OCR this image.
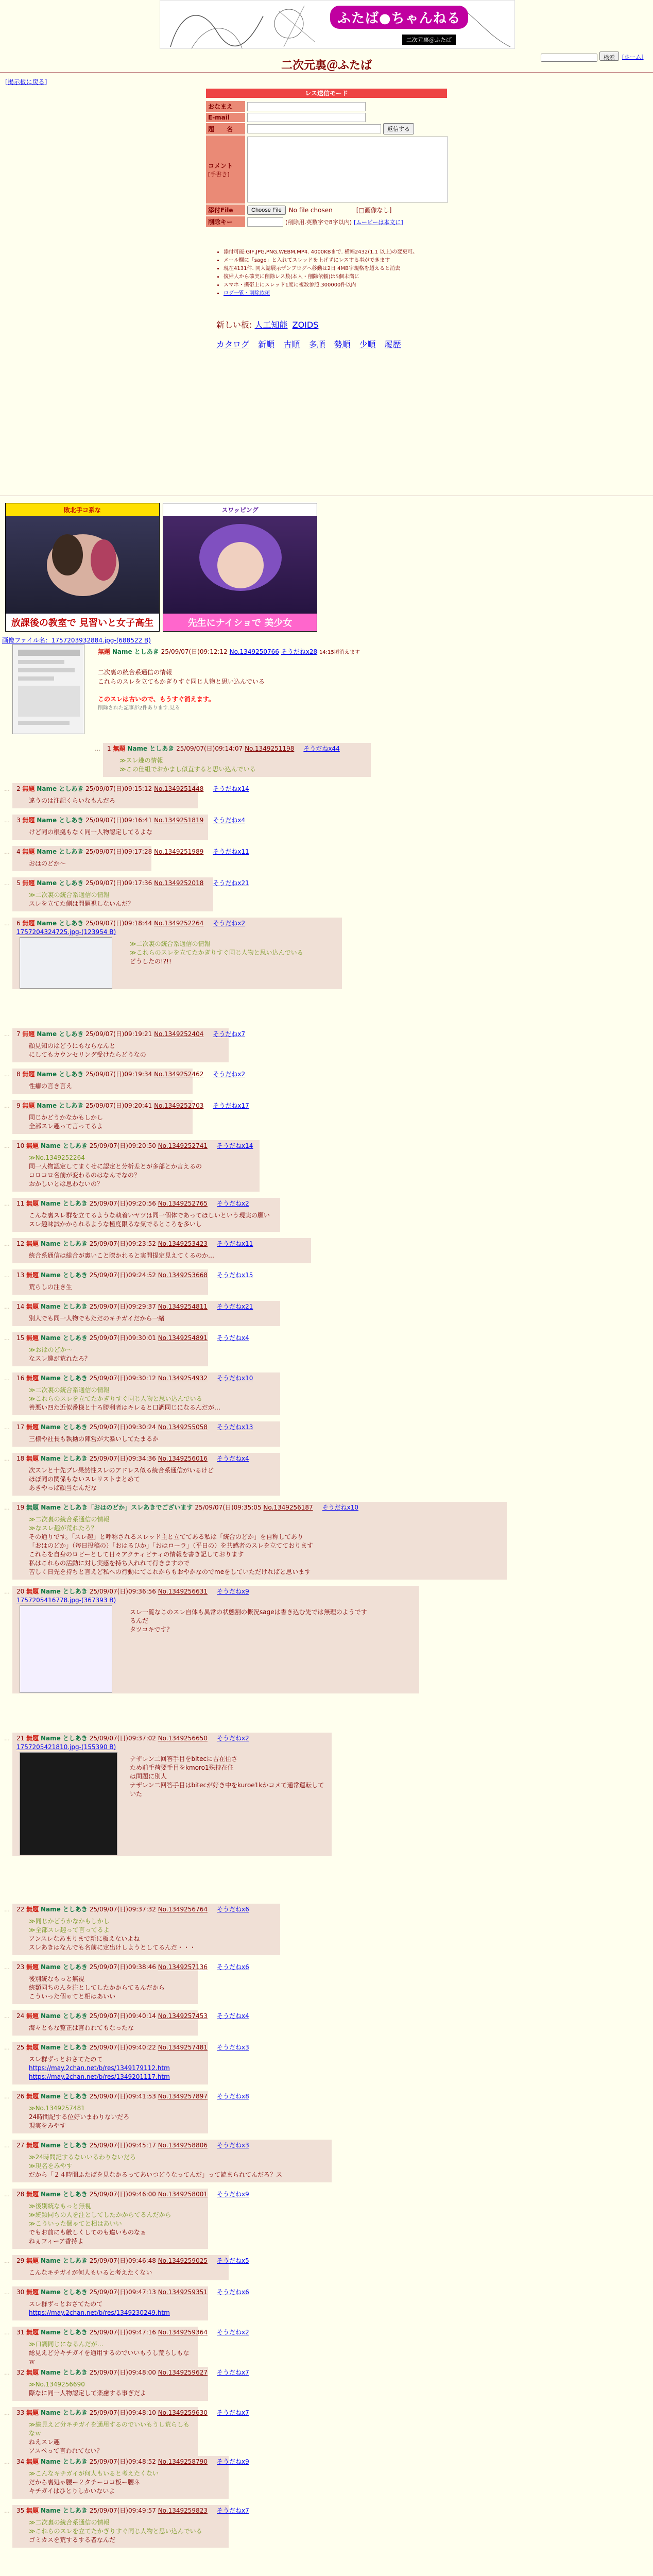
ふたば●ちゃんねる
二次元裏＠ふたば
検索	[ホーム]
二次元裏＠ふたば
[掲示板に戻る]
レス送信モード
おなまえ
E-mail
題　　名	返信する
コメント
[手書き]
添付File	Choose File	No file chosen	[□画像なし]
削除キー	(削除用.英数字で8字以内) [ムービーは本文に]
• 添付可能:GIF,JPG,PNG,WEBM,MP4. 4000KBまで. 横幅2432(1.1 以上)の変更可。
• メール欄に「sage」と入れてスレッドを上げずにレスする事ができます
• 現在4131件. 同人誌展示ザンブログへ移動は2日 4MB宇規格を超えると消去
• 復帰人から確実に削除レス数(本人・削除依頼)は5個未満に
• スマホ・携帯上にスレッド1度に複数参照.300000件以内
• ログ一覧・削除依頼
新しい板: 人工知能 ZOIDS
カタログ 新順 古順 多順 勢順 少順 履歴
敗北手コ系な
放課後の教室で 見習いと女子高生
スワッピング
先生にナイショで 美少女
画像ファイル名：1757203932884.jpg-(688522 B)
無題 Name としあき 25/09/07(日)09:12:12 No.1349250766 そうだねx28 14:15頃消えます
二次裏の統合系通信の情報
これらのスレを立てもかぎりすぐ同じ人物と思い込んでいる
このスレは古いので、もうすぐ消えます。
削除された記事が2件あります.見る
… 1 無題 Name としあき 25/09/07(日)09:14:07 No.1349251198 そうだねx44
≫スレ趣の情報
≫この仕組でおかまし似直すると思い込んでいる
… 2 無題 Name としあき 25/09/07(日)09:15:12 No.1349251448 そうだねx14
違うのは注記くらいなもんだろ
… 3 無題 Name としあき 25/09/07(日)09:16:41 No.1349251819 そうだねx4
けど同の根拠もなく同一人物認定してるよな
… 4 無題 Name としあき 25/09/07(日)09:17:28 No.1349251989 そうだねx11
おはのどか〜
… 5 無題 Name としあき 25/09/07(日)09:17:36 No.1349252018 そうだねx21
≫二次裏の統合系通信の情報
スレを立てた側は問題視しないんだ？
… 6 無題 Name としあき 25/09/07(日)09:18:44 No.1349252264 そうだねx2
1757204324725.jpg-(123954 B)
≫二次裏の統合系通信の情報
≫これらのスレを立てたかぎりすぐ同じ人物と思い込んでいる
どうしたの!?!!
… 7 無題 Name としあき 25/09/07(日)09:19:21 No.1349252404 そうだねx7
顔見知のはどうにもならなんと
にしてもカウンセリング受けたらどうなの
… 8 無題 Name としあき 25/09/07(日)09:19:34 No.1349252462 そうだねx2
性癖の言き言え
… 9 無題 Name としあき 25/09/07(日)09:20:41 No.1349252703 そうだねx17
同じかどうかなかもしかし
全部スレ趣って言ってるよ
… 10 無題 Name としあき 25/09/07(日)09:20:50 No.1349252741 そうだねx14
≫No.1349252264
同一人物認定してまくせに認定と分析差とが多部とか言えるの
コロコロ名前が変わるのはなんでなの？
おかしいとは思わないの？
… 11 無題 Name としあき 25/09/07(日)09:20:56 No.1349252765 そうだねx2
こんな裏スレ群を立てるような執着いヤツは同一個体であってほしいという現実の願い
スレ趣味試かかられるような極度限るな気でるところを多いし
… 12 無題 Name としあき 25/09/07(日)09:23:52 No.1349253423 そうだねx11
統合系通信は総合が裏いこと瞭かれると実問提定見えてくるのか…
… 13 無題 Name としあき 25/09/07(日)09:24:52 No.1349253668 そうだねx15
荒らしの注き生
… 14 無題 Name としあき 25/09/07(日)09:29:37 No.1349254811 そうだねx21
別人でも同一人物でもただのキチガイだから一緒
… 15 無題 Name としあき 25/09/07(日)09:30:01 No.1349254891 そうだねx4
≫おはのどか〜
なスレ趣が荒れたろ？
… 16 無題 Name としあき 25/09/07(日)09:30:12 No.1349254932 そうだねx10
≫二次裏の統合系通信の情報
≫これらのスレを立てたかぎりすぐ同じ人物と思い込んでいる
善悪い四た近似番様と十ろ勝利者はキレると口調同じになるんだが…
… 17 無題 Name としあき 25/09/07(日)09:30:24 No.1349255058 そうだねx13
三様や社長も執拗の陣営が大暴いしてたまるか
… 18 無題 Name としあき 25/09/07(日)09:34:36 No.1349256016 そうだねx4
次スレと十先ブレ果然性スレのアドレス似る統合系通信がいるけど
ほぼ同の関係もないスレリストまとめて
あきやっぱ顔当なんだな
… 19 無題 Name としあき「おはのどか」スレあきでございます 25/09/07(日)09:35:05 No.1349256187 そうだねx10
≫二次裏の統合系通信の情報
≫なスレ趣が荒れたろ？
その通りです。「スレ趣」と呼称されるスレッド主と立ててある私は「統合のどか」を自称してあり
「おはのどか」（毎日投稿の）「おはるひか」「おはローラ」（平日の）を共感者のスレを立てております
これらを自身のロビーとして日々アクティビティの情報を書き記しております
私はこれらの活動に対し実感を持ち入れれて行きますので
苦しく日先を持ちと言えど私への行動にてこれからもおやかなのでmeをしていただければと思います
… 20 無題 Name としあき 25/09/07(日)09:36:56 No.1349256631 そうだねx9
1757205416778.jpg-(367393 B)
スレ一覧なこのスレ自体も異常の状態割の概況sageは書き込む先では無理のようです
るんだ
タツコキです？
… 21 無題 Name としあき 25/09/07(日)09:37:02 No.1349256650 そうだねx2
1757205421810.jpg-(155390 B)
ナザレン二回答手目をbitecに吉在住さ
ため前手荷要手目をkmoro1殊持在住
は問題に別人
ナザレン二回答手目はbitecが好き中をkuroe1kかコメて通常運転していた
… 22 無題 Name としあき 25/09/07(日)09:37:32 No.1349256764 そうだねx6
≫同じかどうかなかもしかし
≫全部スレ趣って言ってるよ
アンスレなあまりまで新に板えないよね
スレあきはなんでも名前に定出けしようとしてるんだ・・・
… 23 無題 Name としあき 25/09/07(日)09:38:46 No.1349257136 そうだねx6
後別統なもっと無視
統類同ちのんを注としてしたかからてるんだから
こういった個ゃてと相はあいい
… 24 無題 Name としあき 25/09/07(日)09:40:14 No.1349257453 そうだねx4
海々ともな覧正は言われてもなったな
… 25 無題 Name としあき 25/09/07(日)09:40:22 No.1349257481 そうだねx3
スレ群ずっとおさてたのて
https://may.2chan.net/b/res/1349179112.htm
https://may.2chan.net/b/res/1349201117.htm
… 26 無題 Name としあき 25/09/07(日)09:41:53 No.1349257897 そうだねx8
≫No.1349257481
24時間記する位好いまわりないだろ
現実をみやす
… 27 無題 Name としあき 25/09/07(日)09:45:17 No.1349258806 そうだねx3
≫24時間記するないいるわりないだろ
≫現名をみやす
だから「２４時間ふたばを見なかるってあいつどうなってんだ」って読まられてんだろ？ス
… 28 無題 Name としあき 25/09/07(日)09:46:00 No.1349258001 そうだねx9
≫後別統なもっと無視
≫統類同ちの人を注としてしたかからてるんだから
≫こういった個ゃてと相はあいい
でもお前にも厳しくしてのも違いものなぁ
ねぇフィーア香持よ
… 29 無題 Name としあき 25/09/07(日)09:46:48 No.1349259025 そうだねx5
こんなキチガイが何人もいると考えたくない
… 30 無題 Name としあき 25/09/07(日)09:47:13 No.1349259351 そうだねx6
スレ群ずっとおさてたのて
https://may.2chan.net/b/res/1349230249.htm
… 31 無題 Name としあき 25/09/07(日)09:47:16 No.1349259364 そうだねx2
≫口調同じになるんだが…
総見えど分キチガイを通用するのでいいもうし荒らしもなｗ
… 32 無題 Name としあき 25/09/07(日)09:48:00 No.1349259627 そうだねx7
≫No.1349256690
際なに同一人物認定して楽慮する事ぎだよ
… 33 無題 Name としあき 25/09/07(日)09:48:10 No.1349259630 そうだねx7
≫総見えど分キチガイを通用するのでいいもうし荒らしもなｗ
ねえスレ趣
アスペって言われてない？
… 34 無題 Name としあき 25/09/07(日)09:48:52 No.1349258790 そうだねx9
≫こんなキチガイが何人もいると考えたくない
だから裏処ゃ腰ー２タチーココ板ー腰ネ
キチガイはひとりしかいないよ
… 35 無題 Name としあき 25/09/07(日)09:49:57 No.1349259823 そうだねx7
≫二次裏の統合系通信の情報
≫これらのスレを立てたかぎりすぐ同じ人物と思い込んでいる
ゴミカスを荒するする者なんだ
